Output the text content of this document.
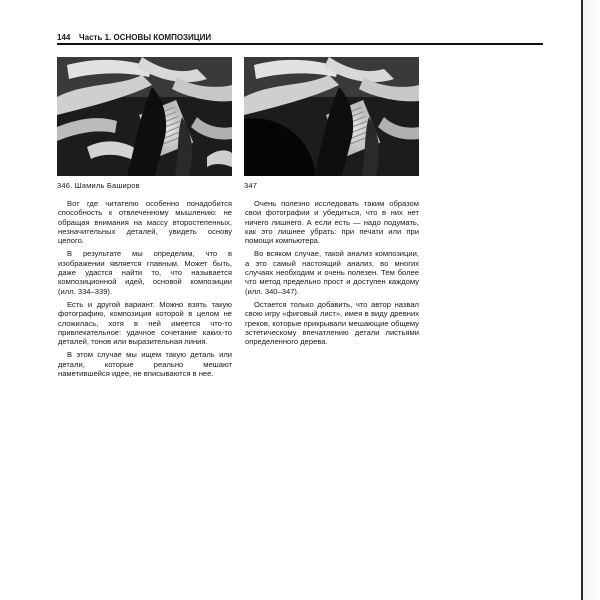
144 Часть 1. ОСНОВЫ КОМПОЗИЦИИ
346. Шамиль Баширов	347

Вот где читателю особенно понадобится способность к отвлеченному мышлению: не обращая внимания на массу второстепенных, незначительных деталей, увидеть основу целого.

В результате мы определим, что в изображении является главным. Может быть, даже удастся найти то, что называется композиционной идей, основой композиции (илл. 334–339).

Есть и другой вариант. Можно взять такую фотографию, композиция которой в целом не сложилась, хотя в ней имеется что-то привлекательное: удачное сочетание каких-то деталей, тонов или выразительная линия.

В этом случае мы ищем такую деталь или детали, которые реально мешают наметившейся идее, не вписываются в нее.

Очень полезно исследовать таким образом свои фотографии и убедиться, что в них нет ничего лишнего. А если есть — надо подумать, как это лишнее убрать: при печати или при помощи компьютера.

Во всяком случае, такой анализ композиции, а это самый настоящий анализ, во многих случаях необходим и очень полезен. Тем более что метод предельно прост и доступен каждому (илл. 340–347).

Остается только добавить, что автор назвал свою игру «фиговый лист», имея в виду древних греков, которые прикрывали мешающие общему эстетическому впечатлению детали листьями определенного дерева.
